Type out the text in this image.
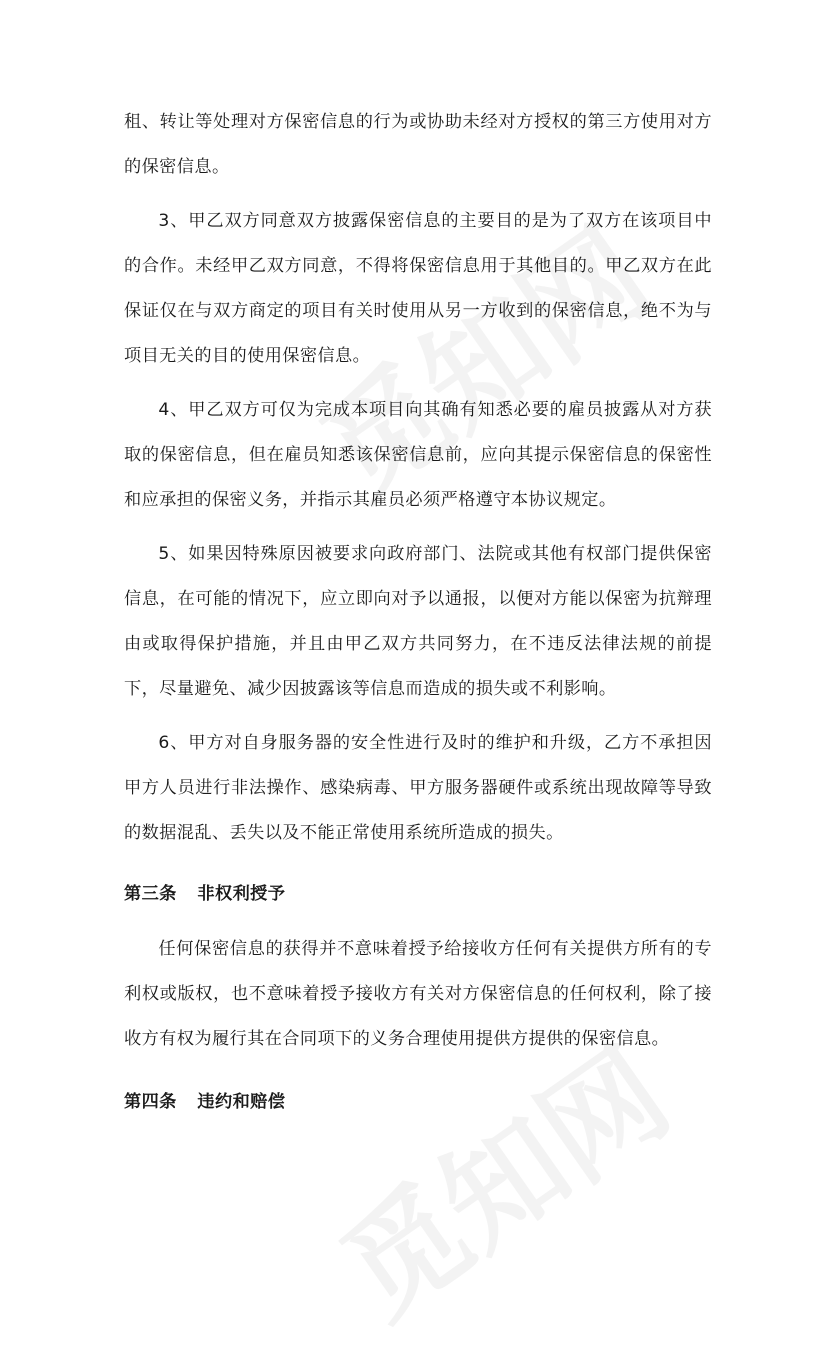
租、转让等处理对方保密信息的行为或协助未经对方授权的第三方使用对方的保密信息。

3、甲乙双方同意双方披露保密信息的主要目的是为了双方在该项目中的合作。未经甲乙双方同意，不得将保密信息用于其他目的。甲乙双方在此保证仅在与双方商定的项目有关时使用从另一方收到的保密信息，绝不为与项目无关的目的使用保密信息。

4、甲乙双方可仅为完成本项目向其确有知悉必要的雇员披露从对方获取的保密信息，但在雇员知悉该保密信息前，应向其提示保密信息的保密性和应承担的保密义务，并指示其雇员必须严格遵守本协议规定。

5、如果因特殊原因被要求向政府部门、法院或其他有权部门提供保密信息，在可能的情况下，应立即向对予以通报，以便对方能以保密为抗辩理由或取得保护措施，并且由甲乙双方共同努力，在不违反法律法规的前提下，尽量避免、减少因披露该等信息而造成的损失或不利影响。

6、甲方对自身服务器的安全性进行及时的维护和升级，乙方不承担因甲方人员进行非法操作、感染病毒、甲方服务器硬件或系统出现故障等导致的数据混乱、丢失以及不能正常使用系统所造成的损失。

第三条 非权利授予

任何保密信息的获得并不意味着授予给接收方任何有关提供方所有的专利权或版权，也不意味着授予接收方有关对方保密信息的任何权利，除了接收方有权为履行其在合同项下的义务合理使用提供方提供的保密信息。

第四条 违约和赔偿
